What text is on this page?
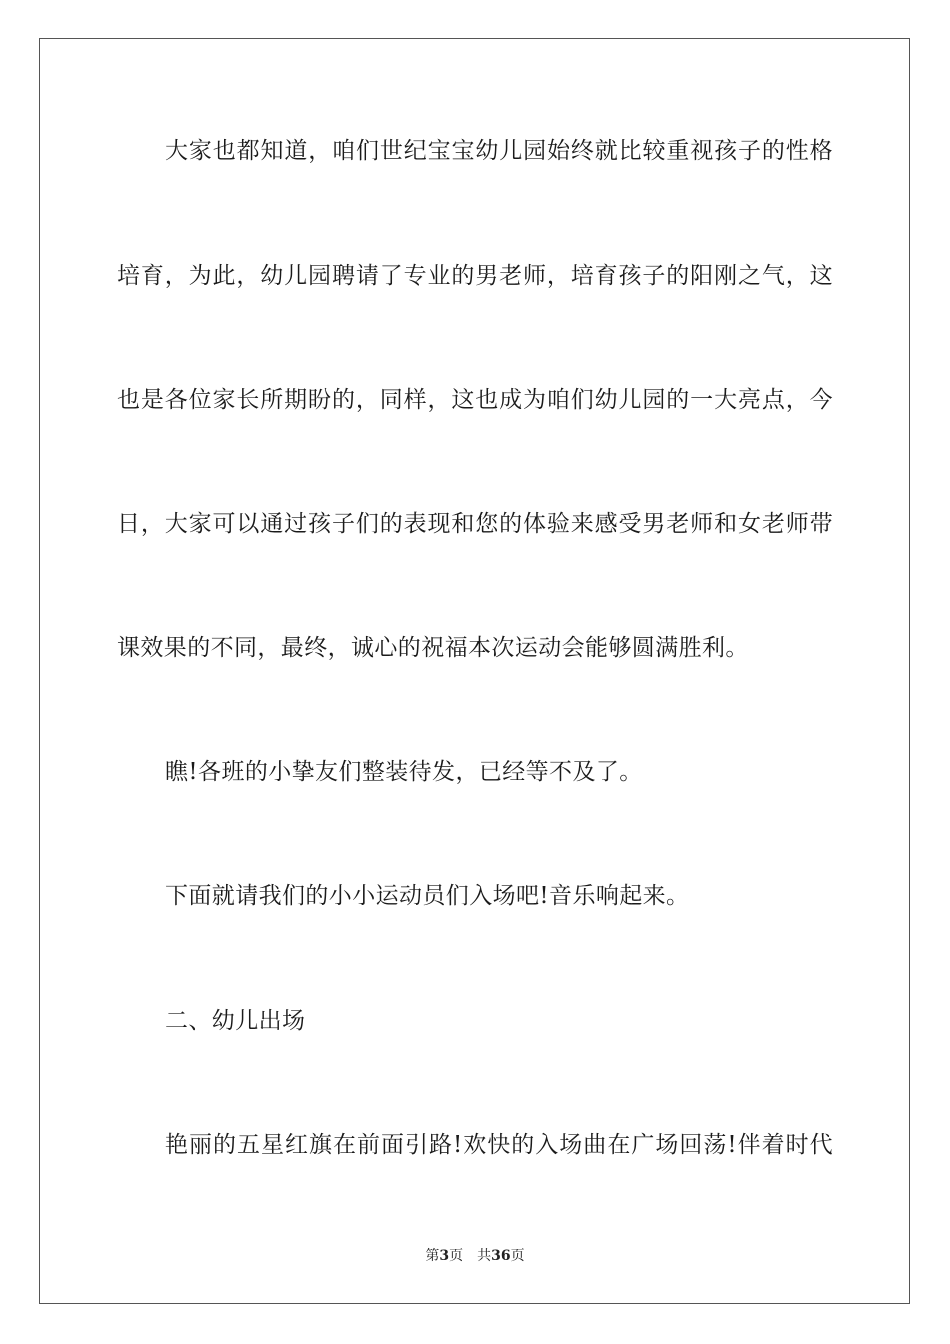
大家也都知道，咱们世纪宝宝幼儿园始终就比较重视孩子的性格
培育，为此，幼儿园聘请了专业的男老师，培育孩子的阳刚之气，这
也是各位家长所期盼的，同样，这也成为咱们幼儿园的一大亮点，今
日，大家可以通过孩子们的表现和您的体验来感受男老师和女老师带
课效果的不同，最终，诚心的祝福本次运动会能够圆满胜利。
瞧!各班的小挚友们整装待发，已经等不及了。
下面就请我们的小小运动员们入场吧!音乐响起来。
二、幼儿出场
艳丽的五星红旗在前面引路!欢快的入场曲在广场回荡!伴着时代
第3页 共36页
